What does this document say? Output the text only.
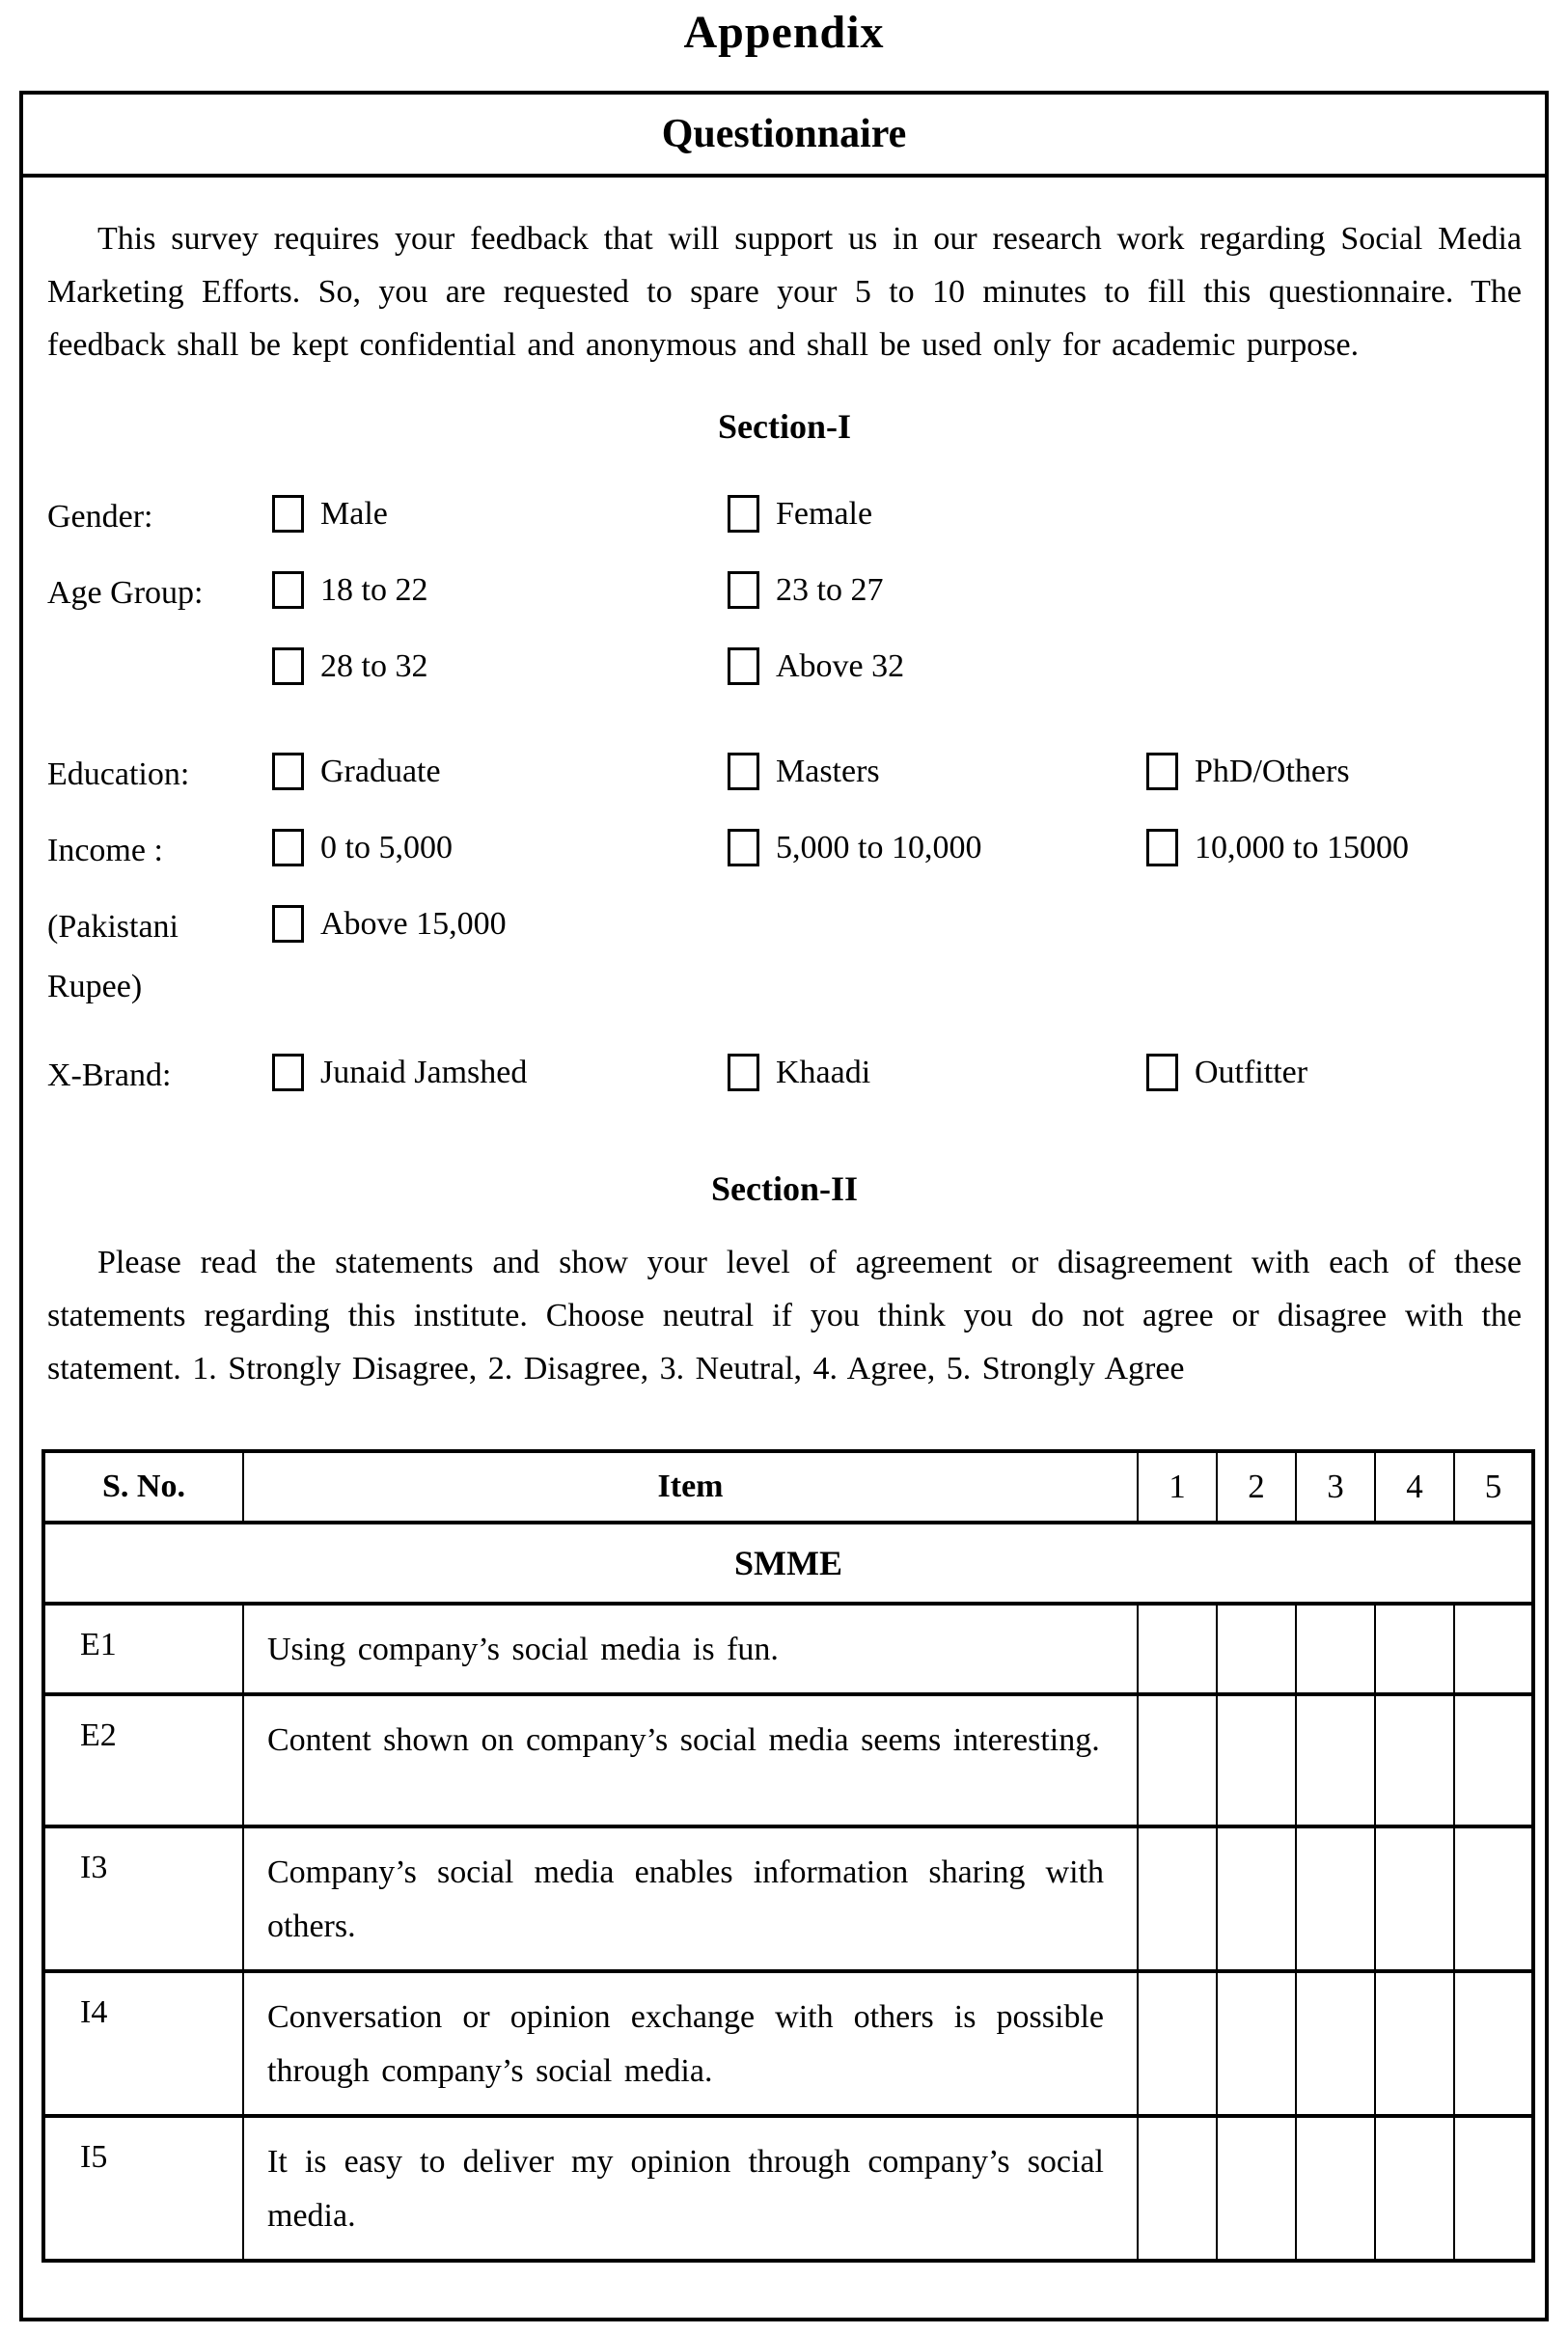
Appendix
Questionnaire

This survey requires your feedback that will support us in our research work regarding Social Media Marketing Efforts. So, you are requested to spare your 5 to 10 minutes to fill this questionnaire. The feedback shall be kept confidential and anonymous and shall be used only for academic purpose.

Section-I
Gender:	Male	Female
Age Group:	18 to 22	23 to 27
28 to 32	Above 32
Education:	Graduate	Masters	PhD/Others
Income :	0 to 5,000	5,000 to 10,000	10,000 to 15000
(Pakistani	Above 15,000
Rupee)
X-Brand:	Junaid Jamshed	Khaadi	Outfitter
Section-II

Please read the statements and show your level of agreement or disagreement with each of these statements regarding this institute. Choose neutral if you think you do not agree or disagree with the statement. 1. Strongly Disagree, 2. Disagree, 3. Neutral, 4. Agree, 5. Strongly Agree

S. No.	Item	1	2	3	4	5
SMME						
E1	Using company’s social media is fun.					
E2	Content shown on company’s social media seems interesting.					
I3	Company’s social media enables information sharing with others.					
I4	Conversation or opinion exchange with others is possible through company’s social media.					
I5	It is easy to deliver my opinion through company’s social media.					
